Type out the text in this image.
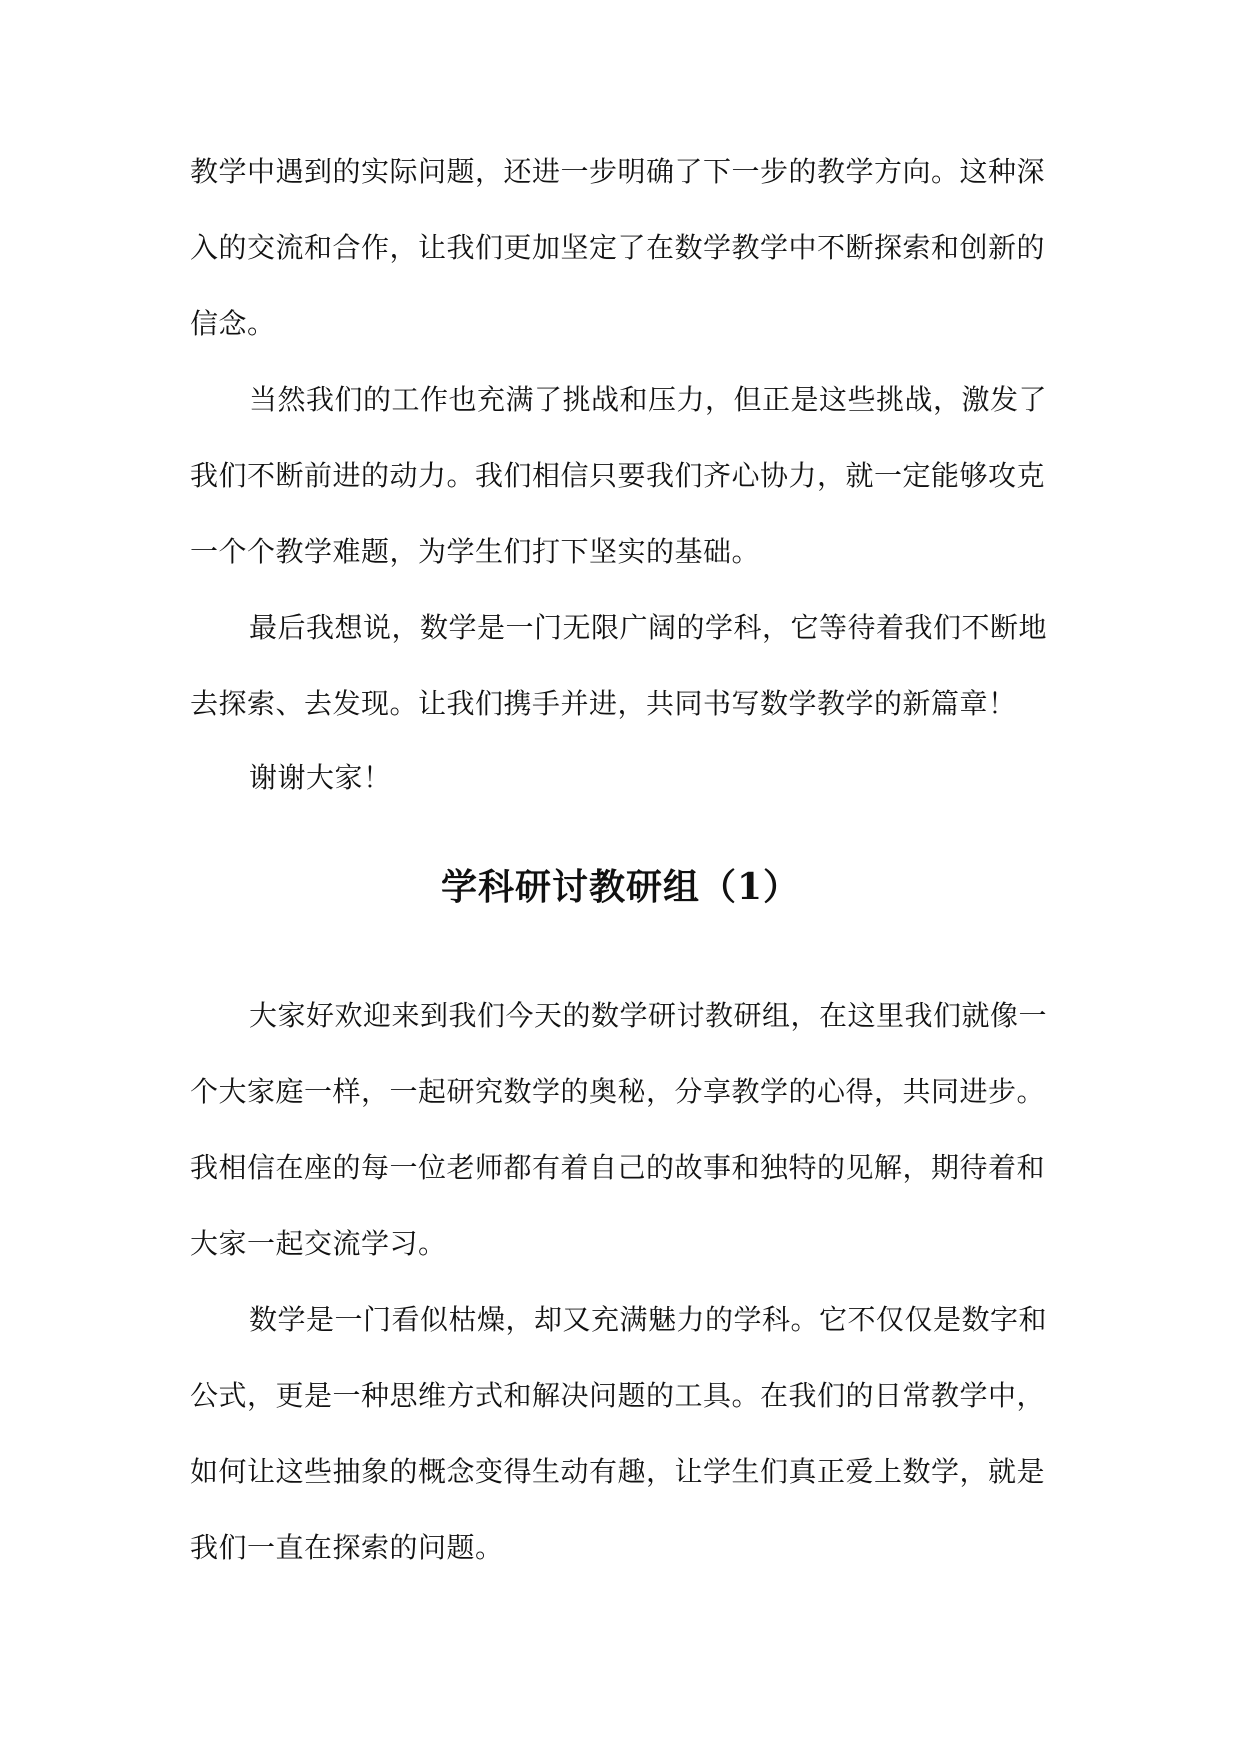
教学中遇到的实际问题，还进一步明确了下一步的教学方向。这种深
入的交流和合作，让我们更加坚定了在数学教学中不断探索和创新的
信念。
当然我们的工作也充满了挑战和压力，但正是这些挑战，激发了
我们不断前进的动力。我们相信只要我们齐心协力，就一定能够攻克
一个个教学难题，为学生们打下坚实的基础。
最后我想说，数学是一门无限广阔的学科，它等待着我们不断地
去探索、去发现。让我们携手并进，共同书写数学教学的新篇章！
谢谢大家！
学科研讨教研组（1）
大家好欢迎来到我们今天的数学研讨教研组，在这里我们就像一
个大家庭一样，一起研究数学的奥秘，分享教学的心得，共同进步。
我相信在座的每一位老师都有着自己的故事和独特的见解，期待着和
大家一起交流学习。
数学是一门看似枯燥，却又充满魅力的学科。它不仅仅是数字和
公式，更是一种思维方式和解决问题的工具。在我们的日常教学中，
如何让这些抽象的概念变得生动有趣，让学生们真正爱上数学，就是
我们一直在探索的问题。
